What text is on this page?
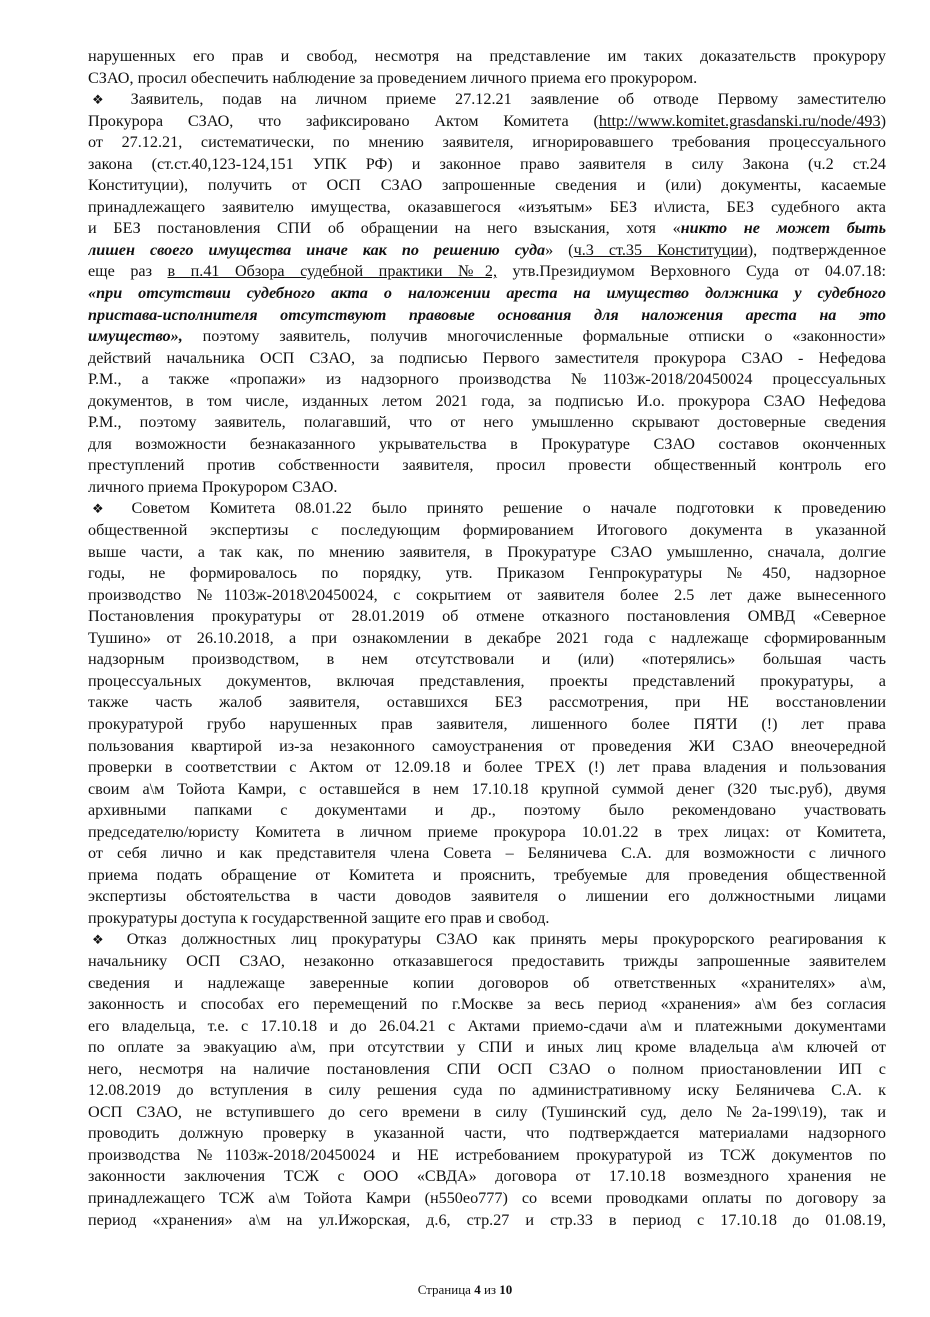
нарушенных его прав и свобод, несмотря на представление им таких доказательств прокурору
СЗАО, просил обеспечить наблюдение за проведением личного приема его прокурором.
❖ Заявитель, подав на личном приеме 27.12.21 заявление об отводе Первому заместителю
Прокурора СЗАО, что зафиксировано Актом Комитета (http://www.komitet.grasdanski.ru/node/493)
от 27.12.21, систематически, по мнению заявителя, игнорировавшего требования процессуального
закона (ст.ст.40,123-124,151 УПК РФ) и законное право заявителя в силу Закона (ч.2 ст.24
Конституции), получить от ОСП СЗАО запрошенные сведения и (или) документы, касаемые
принадлежащего заявителю имущества, оказавшегося «изъятым» БЕЗ и\листа, БЕЗ судебного акта
и БЕЗ постановления СПИ об обращении на него взыскания, хотя «никто не может быть
лишен своего имущества иначе как по решению суда» (ч.3 ст.35 Конституции), подтвержденное
еще раз в п.41 Обзора судебной практики №2, утв.Президиумом Верховного Суда от 04.07.18:
«при отсутствии судебного акта о наложении ареста на имущество должника у судебного
пристава-исполнителя отсутствуют правовые основания для наложения ареста на это
имущество», поэтому заявитель, получив многочисленные формальные отписки о «законности»
действий начальника ОСП СЗАО, за подписью Первого заместителя прокурора СЗАО - Нефедова
Р.М., а также «пропажи» из надзорного производства №1103ж-2018/20450024 процессуальных
документов, в том числе, изданных летом 2021 года, за подписью И.о. прокурора СЗАО Нефедова
Р.М., поэтому заявитель, полагавший, что от него умышленно скрывают достоверные сведения
для возможности безнаказанного укрывательства в Прокуратуре СЗАО составов оконченных
преступлений против собственности заявителя, просил провести общественный контроль его
личного приема Прокурором СЗАО.
❖ Советом Комитета 08.01.22 было принято решение о начале подготовки к проведению
общественной экспертизы с последующим формированием Итогового документа в указанной
выше части, а так как, по мнению заявителя, в Прокуратуре СЗАО умышленно, сначала, долгие
годы, не формировалось по порядку, утв. Приказом Генпрокуратуры №450, надзорное
производство №1103ж-2018\20450024, с сокрытием от заявителя более 2.5 лет даже вынесенного
Постановления прокуратуры от 28.01.2019 об отмене отказного постановления ОМВД «Северное
Тушино» от 26.10.2018, а при ознакомлении в декабре 2021 года с надлежаще сформированным
надзорным производством, в нем отсутствовали и (или) «потерялись» большая часть
процессуальных документов, включая представления, проекты представлений прокуратуры, а
также часть жалоб заявителя, оставшихся БЕЗ рассмотрения, при НЕ восстановлении
прокуратурой грубо нарушенных прав заявителя, лишенного более ПЯТИ (!) лет права
пользования квартирой из-за незаконного самоустранения от проведения ЖИ СЗАО внеочередной
проверки в соответствии с Актом от 12.09.18 и более ТРЕХ (!) лет права владения и пользования
своим а\м Тойота Камри, с оставшейся в нем 17.10.18 крупной суммой денег (320 тыс.руб), двумя
архивными папками с документами и др., поэтому было рекомендовано участвовать
председателю/юристу Комитета в личном приеме прокурора 10.01.22 в трех лицах: от Комитета,
от себя лично и как представителя члена Совета – Беляничева С.А. для возможности с личного
приема подать обращение от Комитета и прояснить, требуемые для проведения общественной
экспертизы обстоятельства в части доводов заявителя о лишении его должностными лицами
прокуратуры доступа к государственной защите его прав и свобод.
❖ Отказ должностных лиц прокуратуры СЗАО как принять меры прокурорского реагирования к
начальнику ОСП СЗАО, незаконно отказавшегося предоставить трижды запрошенные заявителем
сведения и надлежаще заверенные копии договоров об ответственных «хранителях» а\м,
законность и способах его перемещений по г.Москве за весь период «хранения» а\м без согласия
его владельца, т.е. с 17.10.18 и до 26.04.21 с Актами приемо-сдачи а\м и платежными документами
по оплате за эвакуацию а\м, при отсутствии у СПИ и иных лиц кроме владельца а\м ключей от
него, несмотря на наличие постановления СПИ ОСП СЗАО о полном приостановлении ИП с
12.08.2019 до вступления в силу решения суда по административному иску Беляничева С.А. к
ОСП СЗАО, не вступившего до сего времени в силу (Тушинский суд, дело №2а-199\19), так и
проводить должную проверку в указанной части, что подтверждается материалами надзорного
производства №1103ж-2018/20450024 и НЕ истребованием прокуратурой из ТСЖ документов по
законности заключения ТСЖ с ООО «СВДА» договора от 17.10.18 возмездного хранения не
принадлежащего ТСЖ а\м Тойота Камри (н550ео777) со всеми проводками оплаты по договору за
период «хранения» а\м на ул.Ижорская, д.6, стр.27 и стр.33 в период с 17.10.18 до 01.08.19,
Страница 4 из 10
